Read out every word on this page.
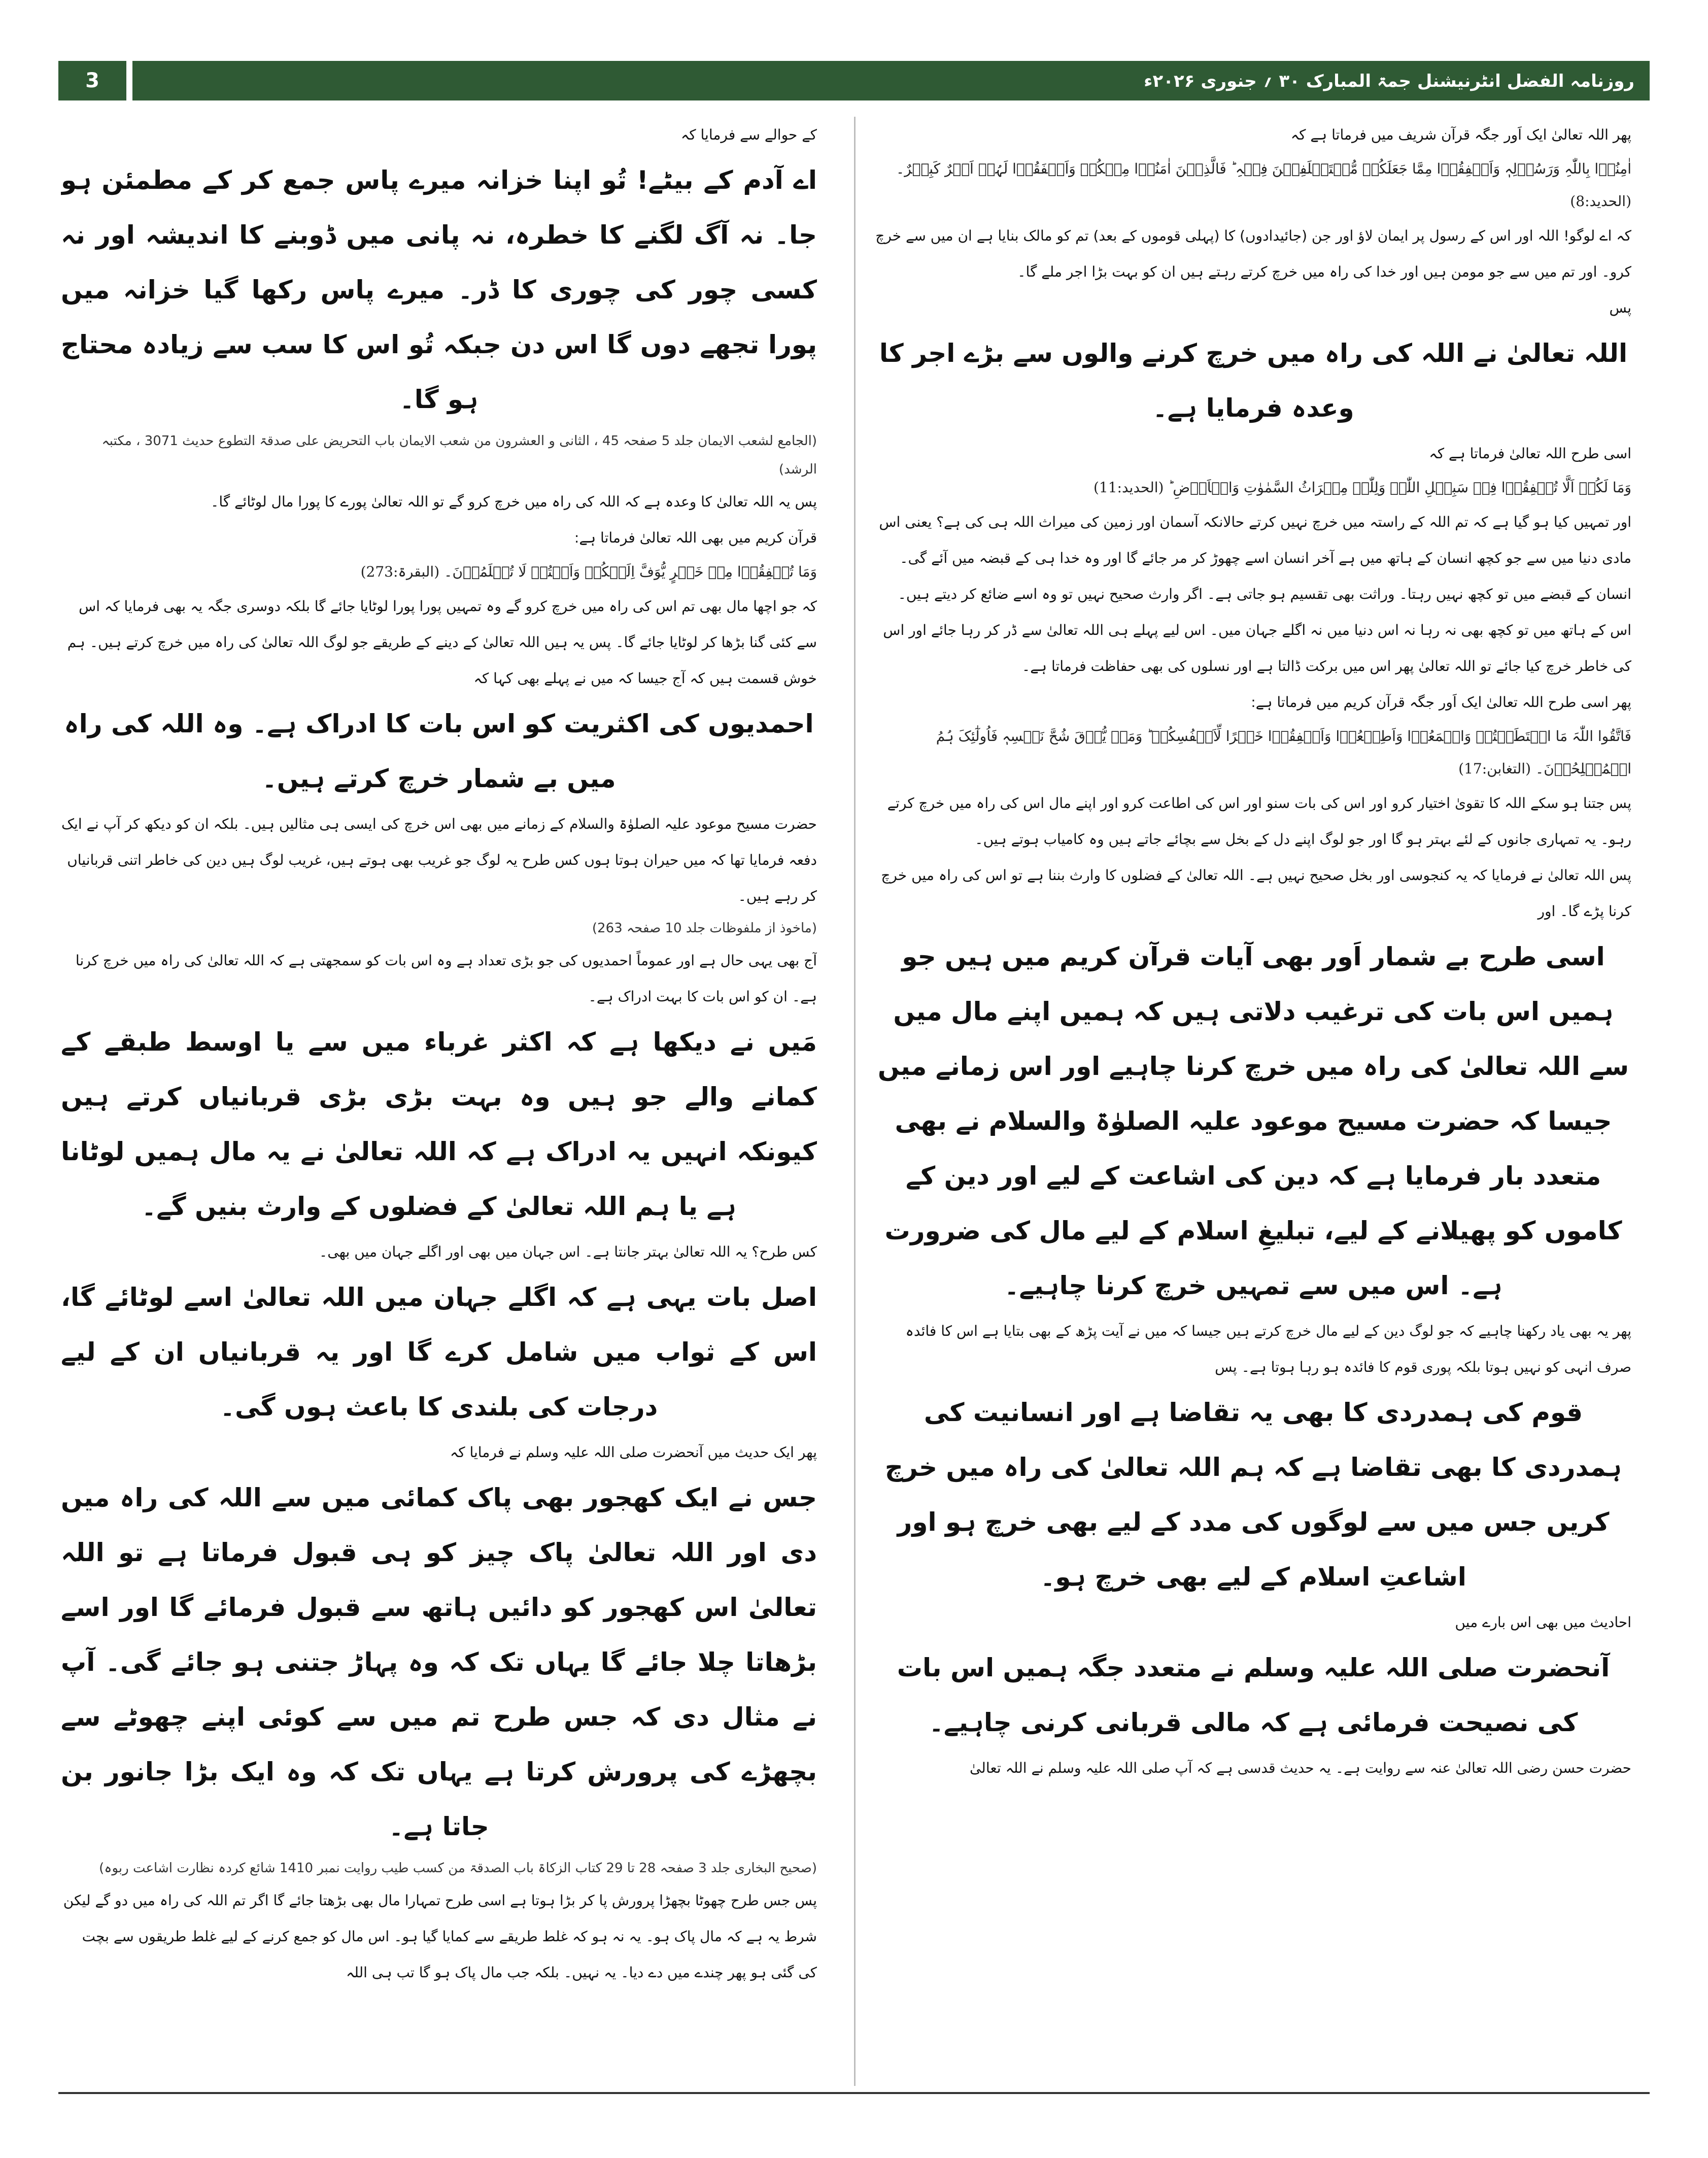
3	روزنامہ الفضل انٹرنیشنل جمۃ المبارک ۳۰ ؍ جنوری ۲۰۲۶ء

پھر اللہ تعالیٰ ایک اَور جگہ قرآن شریف میں فرماتا ہے کہ

اٰمِنُوۡا بِاللّٰہِ وَرَسُوۡلِہٖ وَاَنۡفِقُوۡا مِمَّا جَعَلَکُمۡ مُّسۡتَخۡلَفِیۡنَ فِیۡہِ ؕ فَالَّذِیۡنَ اٰمَنُوۡا مِنۡکُمۡ وَاَنۡفَقُوۡا لَہُمۡ اَجۡرٌ کَبِیۡرٌ۔ (الحدید:8)

کہ اے لوگو! اللہ اور اس کے رسول پر ایمان لاؤ اور جن (جائیدادوں) کا (پہلی قوموں کے بعد) تم کو مالک بنایا ہے ان میں سے خرچ کرو۔ اور تم میں سے جو مومن ہیں اور خدا کی راہ میں خرچ کرتے رہتے ہیں ان کو بہت بڑا اجر ملے گا۔

پس

اللہ تعالیٰ نے اللہ کی راہ میں خرچ کرنے والوں سے بڑے اجر کا وعدہ فرمایا ہے۔

اسی طرح اللہ تعالیٰ فرماتا ہے کہ

وَمَا لَکُمۡ اَلَّا تُنۡفِقُوۡا فِیۡ سَبِیۡلِ اللّٰہِ وَلِلّٰہِ مِیۡرَاثُ السَّمٰوٰتِ وَالۡاَرۡضِ ؕ (الحدید:11)

اور تمہیں کیا ہو گیا ہے کہ تم اللہ کے راستہ میں خرچ نہیں کرتے حالانکہ آسمان اور زمین کی میراث اللہ ہی کی ہے؟ یعنی اس مادی دنیا میں سے جو کچھ انسان کے ہاتھ میں ہے آخر انسان اسے چھوڑ کر مر جائے گا اور وہ خدا ہی کے قبضہ میں آئے گی۔ انسان کے قبضے میں تو کچھ نہیں رہتا۔ وراثت بھی تقسیم ہو جاتی ہے۔ اگر وارث صحیح نہیں تو وہ اسے ضائع کر دیتے ہیں۔ اس کے ہاتھ میں تو کچھ بھی نہ رہا نہ اس دنیا میں نہ اگلے جہان میں۔ اس لیے پہلے ہی اللہ تعالیٰ سے ڈر کر رہا جائے اور اس کی خاطر خرچ کیا جائے تو اللہ تعالیٰ پھر اس میں برکت ڈالتا ہے اور نسلوں کی بھی حفاظت فرماتا ہے۔

پھر اسی طرح اللہ تعالیٰ ایک اَور جگہ قرآن کریم میں فرماتا ہے:

فَاتَّقُوا اللّٰہَ مَا اسۡتَطَعۡتُمۡ وَاسۡمَعُوۡا وَاَطِیۡعُوۡا وَاَنۡفِقُوۡا خَیۡرًا لِّاَنۡفُسِکُمۡ ؕ وَمَنۡ یُّوۡقَ شُحَّ نَفۡسِہٖ فَاُولٰٓئِکَ ہُمُ الۡمُفۡلِحُوۡنَ۔ (التغابن:17)

پس جتنا ہو سکے اللہ کا تقویٰ اختیار کرو اور اس کی بات سنو اور اس کی اطاعت کرو اور اپنے مال اس کی راہ میں خرچ کرتے رہو۔ یہ تمہاری جانوں کے لئے بہتر ہو گا اور جو لوگ اپنے دل کے بخل سے بچائے جاتے ہیں وہ کامیاب ہوتے ہیں۔

پس اللہ تعالیٰ نے فرمایا کہ یہ کنجوسی اور بخل صحیح نہیں ہے۔ اللہ تعالیٰ کے فضلوں کا وارث بننا ہے تو اس کی راہ میں خرچ کرنا پڑے گا۔ اور

اسی طرح بے شمار اَور بھی آیات قرآن کریم میں ہیں جو ہمیں اس بات کی ترغیب دلاتی ہیں کہ ہمیں اپنے مال میں سے اللہ تعالیٰ کی راہ میں خرچ کرنا چاہیے اور اس زمانے میں جیسا کہ حضرت مسیح موعود علیہ الصلوٰۃ والسلام نے بھی متعدد بار فرمایا ہے کہ دین کی اشاعت کے لیے اور دین کے کاموں کو پھیلانے کے لیے، تبلیغِ اسلام کے لیے مال کی ضرورت ہے۔ اس میں سے تمہیں خرچ کرنا چاہیے۔

پھر یہ بھی یاد رکھنا چاہیے کہ جو لوگ دین کے لیے مال خرچ کرتے ہیں جیسا کہ میں نے آیت پڑھ کے بھی بتایا ہے اس کا فائدہ صرف انہی کو نہیں ہوتا بلکہ پوری قوم کا فائدہ ہو رہا ہوتا ہے۔ پس

قوم کی ہمدردی کا بھی یہ تقاضا ہے اور انسانیت کی ہمدردی کا بھی تقاضا ہے کہ ہم اللہ تعالیٰ کی راہ میں خرچ کریں جس میں سے لوگوں کی مدد کے لیے بھی خرچ ہو اور اشاعتِ اسلام کے لیے بھی خرچ ہو۔

احادیث میں بھی اس بارے میں

آنحضرت صلی اللہ علیہ وسلم نے متعدد جگہ ہمیں اس بات کی نصیحت فرمائی ہے کہ مالی قربانی کرنی چاہیے۔

حضرت حسن رضی اللہ تعالیٰ عنہ سے روایت ہے۔ یہ حدیث قدسی ہے کہ آپ صلی اللہ علیہ وسلم نے اللہ تعالیٰ

کے حوالے سے فرمایا کہ

اے آدم کے بیٹے! تُو اپنا خزانہ میرے پاس جمع کر کے مطمئن ہو جا۔ نہ آگ لگنے کا خطرہ، نہ پانی میں ڈوبنے کا اندیشہ اور نہ کسی چور کی چوری کا ڈر۔ میرے پاس رکھا گیا خزانہ میں پورا تجھے دوں گا اس دن جبکہ تُو اس کا سب سے زیادہ محتاج ہو گا۔

(الجامع لشعب الایمان جلد 5 صفحہ 45 ، الثانی و العشرون من شعب الایمان باب التحریض علی صدقۃ التطوع حدیث 3071 ، مکتبہ الرشد)

پس یہ اللہ تعالیٰ کا وعدہ ہے کہ اللہ کی راہ میں خرچ کرو گے تو اللہ تعالیٰ پورے کا پورا مال لوٹائے گا۔

قرآن کریم میں بھی اللہ تعالیٰ فرماتا ہے:

وَمَا تُنۡفِقُوۡا مِنۡ خَیۡرٍ یُّوَفَّ اِلَیۡکُمۡ وَاَنۡتُمۡ لَا تُظۡلَمُوۡنَ۔ (البقرۃ:273)

کہ جو اچھا مال بھی تم اس کی راہ میں خرچ کرو گے وہ تمہیں پورا پورا لوٹایا جائے گا بلکہ دوسری جگہ یہ بھی فرمایا کہ اس سے کئی گنا بڑھا کر لوٹایا جائے گا۔ پس یہ ہیں اللہ تعالیٰ کے دینے کے طریقے جو لوگ اللہ تعالیٰ کی راہ میں خرچ کرتے ہیں۔ ہم خوش قسمت ہیں کہ آج جیسا کہ میں نے پہلے بھی کہا کہ

احمدیوں کی اکثریت کو اس بات کا ادراک ہے۔ وہ اللہ کی راہ میں بے شمار خرچ کرتے ہیں۔

حضرت مسیح موعود علیہ الصلوٰۃ والسلام کے زمانے میں بھی اس خرچ کی ایسی ہی مثالیں ہیں۔ بلکہ ان کو دیکھ کر آپ نے ایک دفعہ فرمایا تھا کہ میں حیران ہوتا ہوں کس طرح یہ لوگ جو غریب بھی ہوتے ہیں، غریب لوگ ہیں دین کی خاطر اتنی قربانیاں کر رہے ہیں۔

(ماخوذ از ملفوظات جلد 10 صفحہ 263)

آج بھی یہی حال ہے اور عموماً احمدیوں کی جو بڑی تعداد ہے وہ اس بات کو سمجھتی ہے کہ اللہ تعالیٰ کی راہ میں خرچ کرنا ہے۔ ان کو اس بات کا بہت ادراک ہے۔

مَیں نے دیکھا ہے کہ اکثر غرباء میں سے یا اوسط طبقے کے کمانے والے جو ہیں وہ بہت بڑی بڑی قربانیاں کرتے ہیں کیونکہ انہیں یہ ادراک ہے کہ اللہ تعالیٰ نے یہ مال ہمیں لوٹانا ہے یا ہم اللہ تعالیٰ کے فضلوں کے وارث بنیں گے۔

کس طرح؟ یہ اللہ تعالیٰ بہتر جانتا ہے۔ اس جہان میں بھی اور اگلے جہان میں بھی۔

اصل بات یہی ہے کہ اگلے جہان میں اللہ تعالیٰ اسے لوٹائے گا، اس کے ثواب میں شامل کرے گا اور یہ قربانیاں ان کے لیے درجات کی بلندی کا باعث ہوں گی۔

پھر ایک حدیث میں آنحضرت صلی اللہ علیہ وسلم نے فرمایا کہ

جس نے ایک کھجور بھی پاک کمائی میں سے اللہ کی راہ میں دی اور اللہ تعالیٰ پاک چیز کو ہی قبول فرماتا ہے تو اللہ تعالیٰ اس کھجور کو دائیں ہاتھ سے قبول فرمائے گا اور اسے بڑھاتا چلا جائے گا یہاں تک کہ وہ پہاڑ جتنی ہو جائے گی۔ آپ نے مثال دی کہ جس طرح تم میں سے کوئی اپنے چھوٹے سے بچھڑے کی پرورش کرتا ہے یہاں تک کہ وہ ایک بڑا جانور بن جاتا ہے۔

(صحیح البخاری جلد 3 صفحہ 28 تا 29 کتاب الزکاۃ باب الصدقۃ من کسب طیب روایت نمبر 1410 شائع کردہ نظارت اشاعت ربوہ)

پس جس طرح چھوٹا بچھڑا پرورش پا کر بڑا ہوتا ہے اسی طرح تمہارا مال بھی بڑھتا جائے گا اگر تم اللہ کی راہ میں دو گے لیکن شرط یہ ہے کہ مال پاک ہو۔ یہ نہ ہو کہ غلط طریقے سے کمایا گیا ہو۔ اس مال کو جمع کرنے کے لیے غلط طریقوں سے بچت کی گئی ہو پھر چندے میں دے دیا۔ یہ نہیں۔ بلکہ جب مال پاک ہو گا تب ہی اللہ
